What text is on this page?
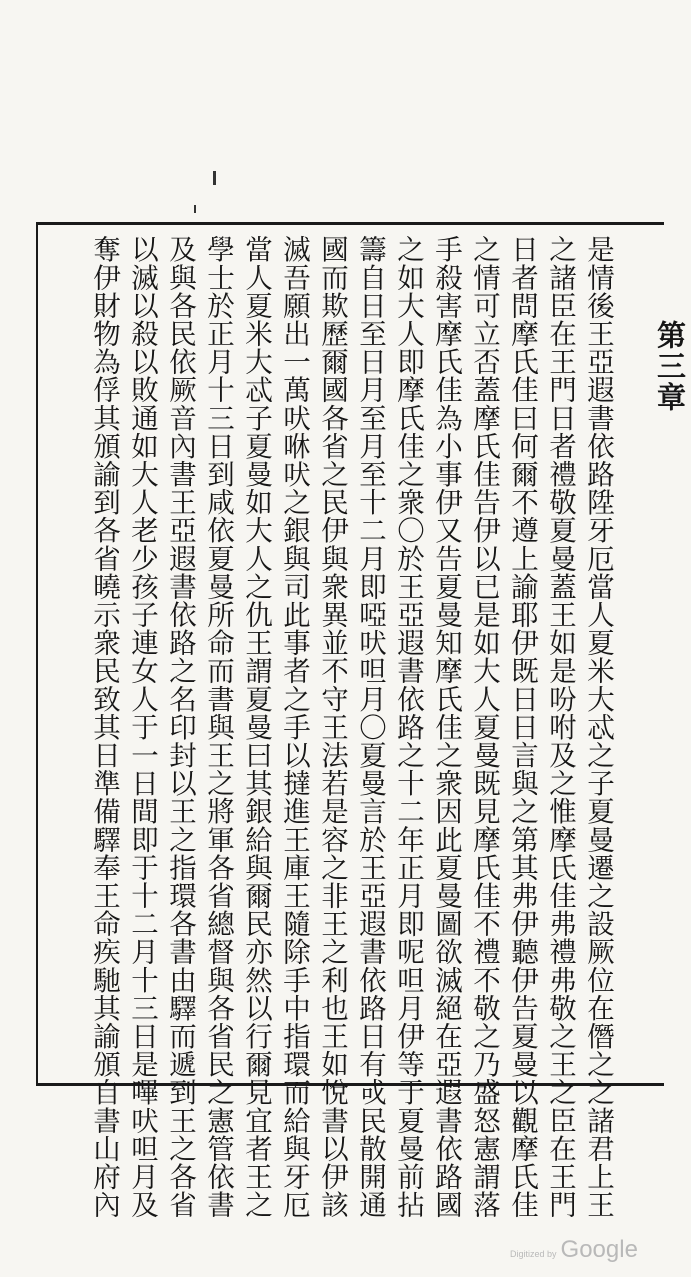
是情後王亞遐書依路陞牙厄當人夏米大忒之子夏曼遷之設厥位在僭之之諸君上王
之諸臣在王門日者禮敬夏曼蓋王如是吩咐及之惟摩氏佳弗禮弗敬之王之臣在王門
日者問摩氏佳曰何爾不遵上諭耶伊既日日言與之第其弗伊聽伊告夏曼以觀摩氏佳
之情可立否蓋摩氏佳告伊以已是如大人夏曼既見摩氏佳不禮不敬之乃盛怒憲謂落
手殺害摩氏佳為小事伊又告夏曼知摩氏佳之衆因此夏曼圖欲滅絕在亞遐書依路國
之如大人即摩氏佳之衆〇於王亞遐書依路之十二年正月即呢呾月伊等于夏曼前拈
籌自日至日月至月至十二月即啞吠呾月〇夏曼言於王亞遐書依路日有戓民散開通
國而欺歷爾國各省之民伊與衆異並不守王法若是容之非王之利也王如悅書以伊該
滅吾願出一萬吠咻吠之銀與司此事者之手以撻進王庫王隨除手中指環而給與牙厄
當人夏米大忒子夏曼如大人之仇王謂夏曼曰其銀給與爾民亦然以行爾見宜者王之
學士於正月十三日到咸依夏曼所命而書與王之將軍各省總督與各省民之憲管依書
及與各民依厥音內書王亞遐書依路之名印封以王之指環各書由驛而遞到王之各省
以滅以殺以敗通如大人老少孩子連女人于一日間即于十二月十三日是嗶吠呾月及
奪伊財物為俘其頒諭到各省曉示衆民致其日準備驛奉王命疾馳其諭頒自書山府內	第三章
Digitized by Google
